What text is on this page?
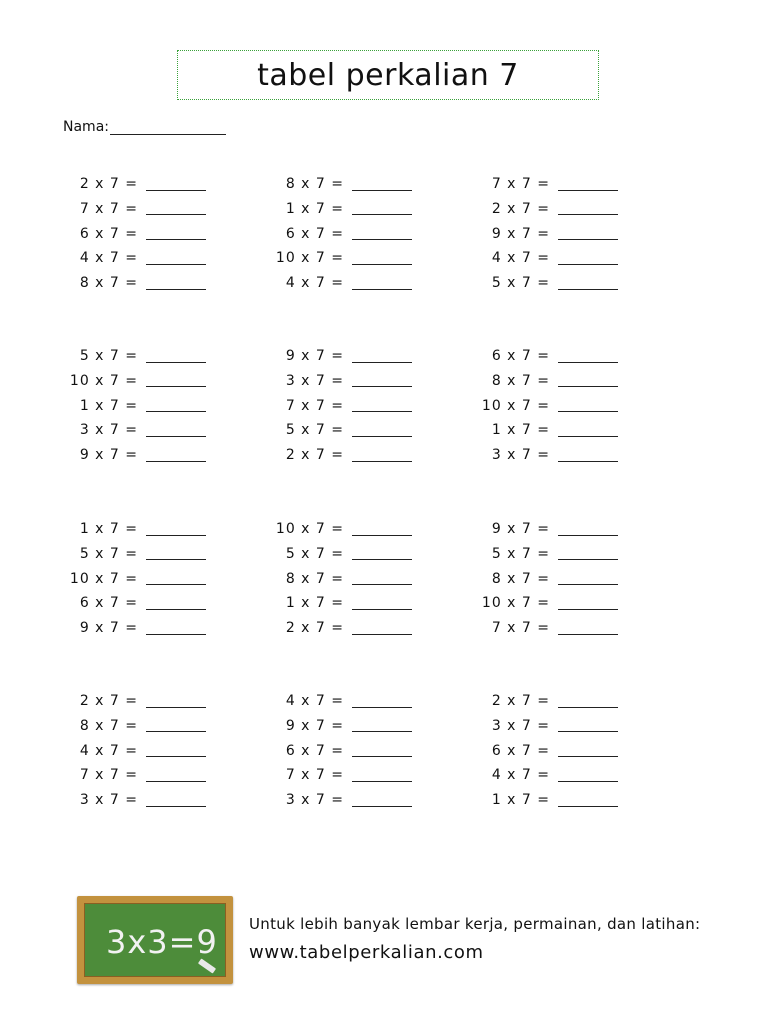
tabel perkalian 7
Nama:
2 x 7 =
7 x 7 =
6 x 7 =
4 x 7 =
8 x 7 =
8 x 7 =
1 x 7 =
6 x 7 =
10 x 7 =
4 x 7 =
7 x 7 =
2 x 7 =
9 x 7 =
4 x 7 =
5 x 7 =
5 x 7 =
10 x 7 =
1 x 7 =
3 x 7 =
9 x 7 =
9 x 7 =
3 x 7 =
7 x 7 =
5 x 7 =
2 x 7 =
6 x 7 =
8 x 7 =
10 x 7 =
1 x 7 =
3 x 7 =
1 x 7 =
5 x 7 =
10 x 7 =
6 x 7 =
9 x 7 =
10 x 7 =
5 x 7 =
8 x 7 =
1 x 7 =
2 x 7 =
9 x 7 =
5 x 7 =
8 x 7 =
10 x 7 =
7 x 7 =
2 x 7 =
8 x 7 =
4 x 7 =
7 x 7 =
3 x 7 =
4 x 7 =
9 x 7 =
6 x 7 =
7 x 7 =
3 x 7 =
2 x 7 =
3 x 7 =
6 x 7 =
4 x 7 =
1 x 7 =
3x3=9 Untuk lebih banyak lembar kerja, permainan, dan latihan:
www.tabelperkalian.com
